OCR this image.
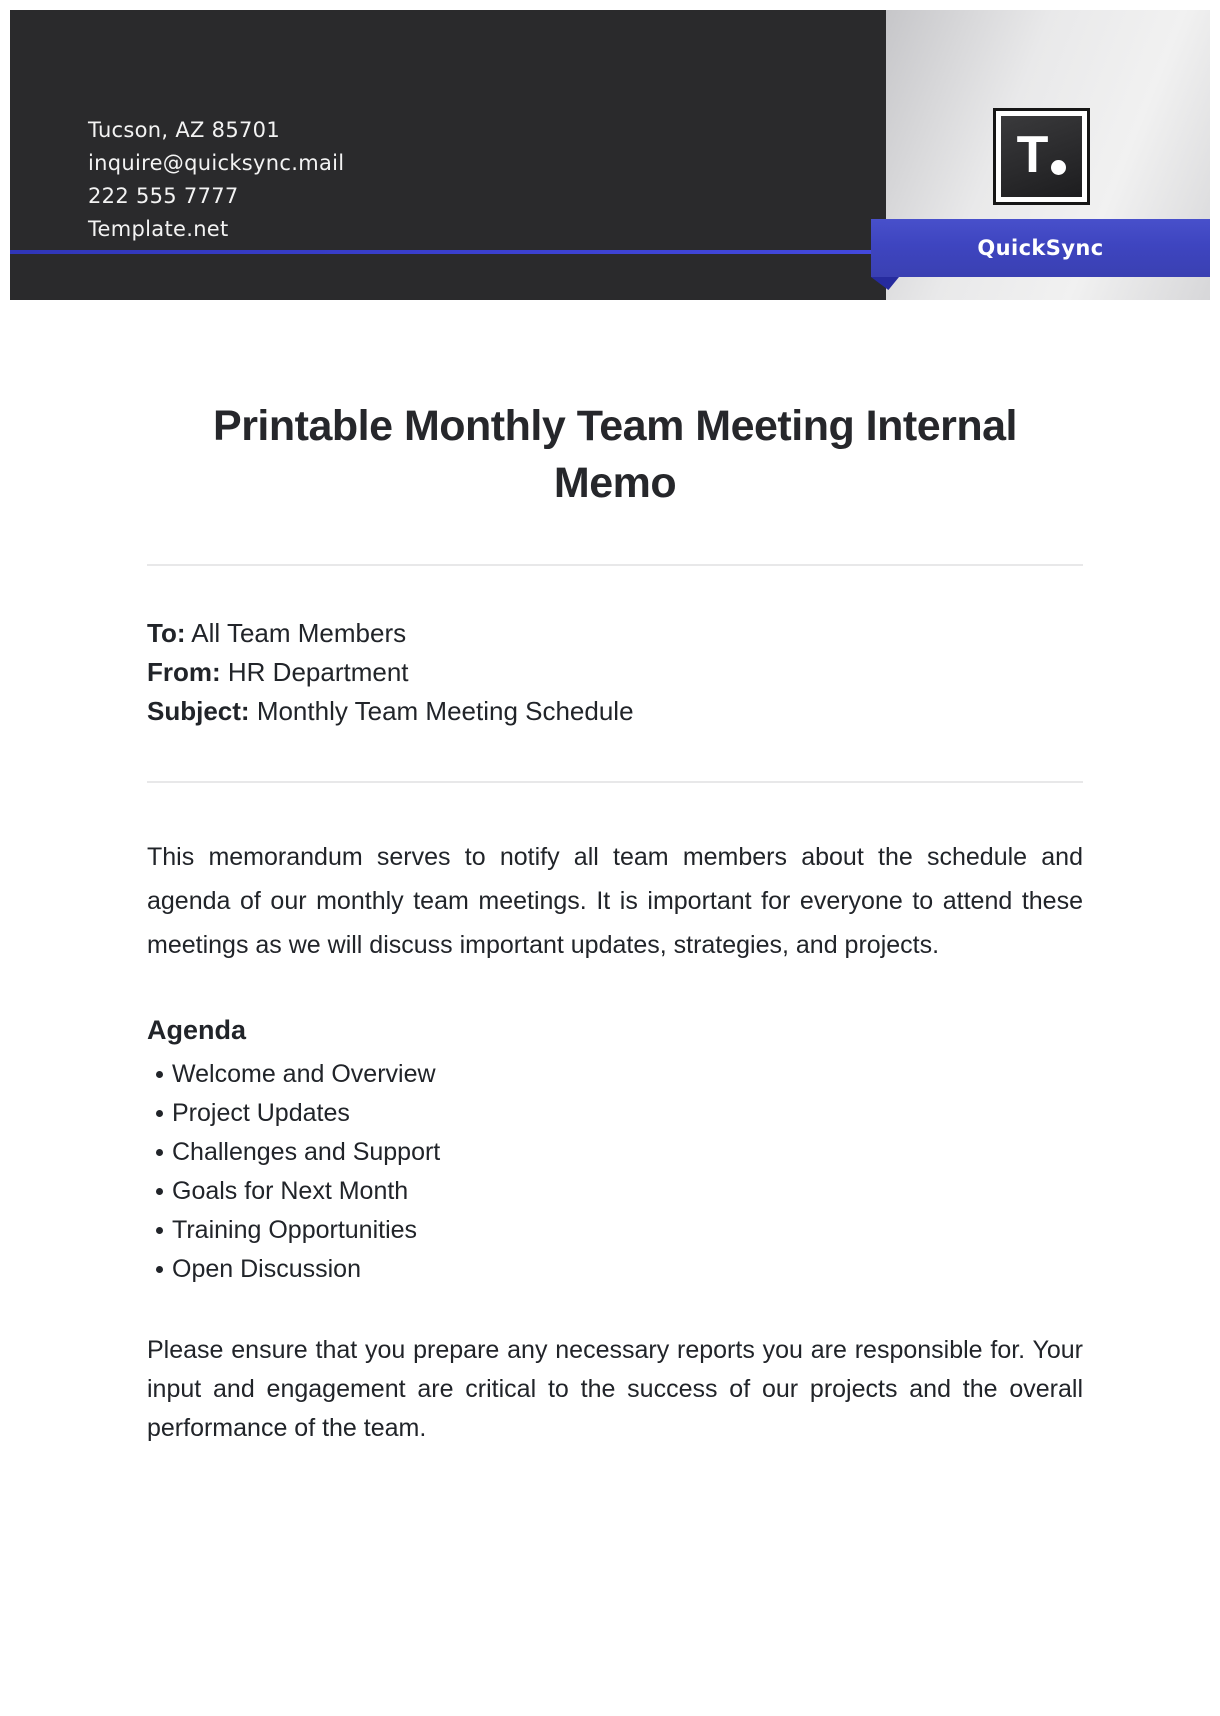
Tucson, AZ 85701
inquire@quicksync.mail
222 555 7777
Template.net
T
QuickSync
Printable Monthly Team Meeting Internal
Memo

To: All Team Members

From: HR Department

Subject: Monthly Team Meeting Schedule

This memorandum serves to notify all team members about the schedule and agenda of our monthly team meetings. It is important for everyone to attend these meetings as we will discuss important updates, strategies, and projects.

Agenda
Welcome and Overview
Project Updates
Challenges and Support
Goals for Next Month
Training Opportunities
Open Discussion

Please ensure that you prepare any necessary reports you are responsible for. Your input and engagement are critical to the success of our projects and the overall performance of the team.
